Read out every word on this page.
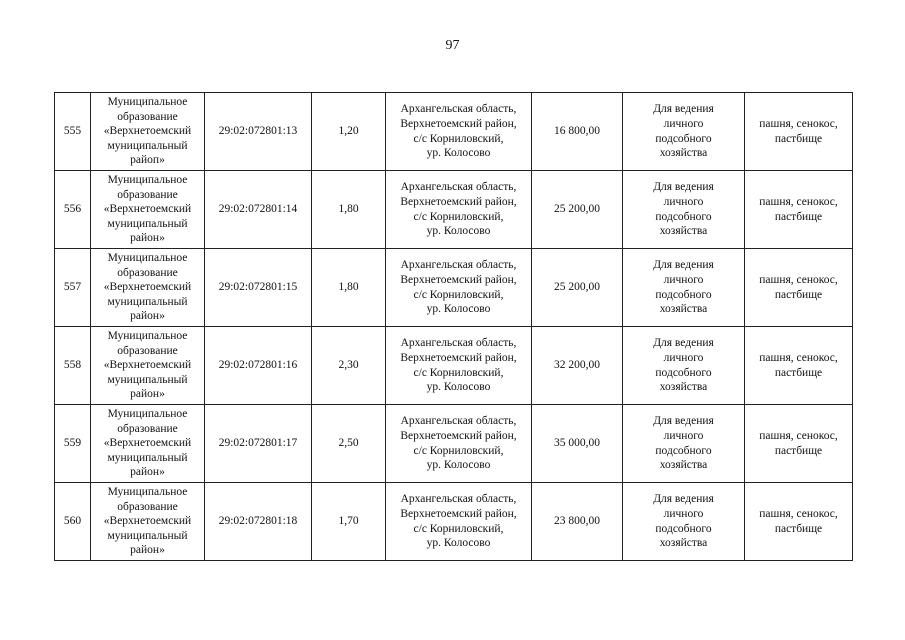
97
555	Муниципальное
образование
«Верхнетоемский
муниципальный
райоп»	29:02:072801:13	1,20	Архангельская область,
Верхнетоемский район,
с/с Корниловский,
ур. Колосово	16 800,00	Для ведения
личного
подсобного
хозяйства	пашня, сенокос,
пастбище
556	Муниципальное
образование
«Верхнетоемский
муниципальный
район»	29:02:072801:14	1,80	Архангельская область,
Верхнетоемский район,
с/с Корниловский,
ур. Колосово	25 200,00	Для ведения
личного
подсобного
хозяйства	пашня, сенокос,
пастбище
557	Муниципальное
образование
«Верхнетоемский
муниципальный
район»	29:02:072801:15	1,80	Архангельская область,
Верхнетоемский район,
с/с Корниловский,
ур. Колосово	25 200,00	Для ведения
личного
подсобного
хозяйства	пашня, сенокос,
пастбище
558	Муниципальное
образование
«Верхнетоемский
муниципальный
район»	29:02:072801:16	2,30	Архангельская область,
Верхнетоемский район,
с/с Корниловский,
ур. Колосово	32 200,00	Для ведения
личного
подсобного
хозяйства	пашня, сенокос,
пастбище
559	Муниципальное
образование
«Верхнетоемский
муниципальный
район»	29:02:072801:17	2,50	Архангельская область,
Верхнетоемский район,
с/с Корниловский,
ур. Колосово	35 000,00	Для ведения
личного
подсобного
хозяйства	пашня, сенокос,
пастбище
560	Муниципальное
образование
«Верхнетоемский
муниципальный
район»	29:02:072801:18	1,70	Архангельская область,
Верхнетоемский район,
с/с Корниловский,
ур. Колосово	23 800,00	Для ведения
личного
подсобного
хозяйства	пашня, сенокос,
пастбище
